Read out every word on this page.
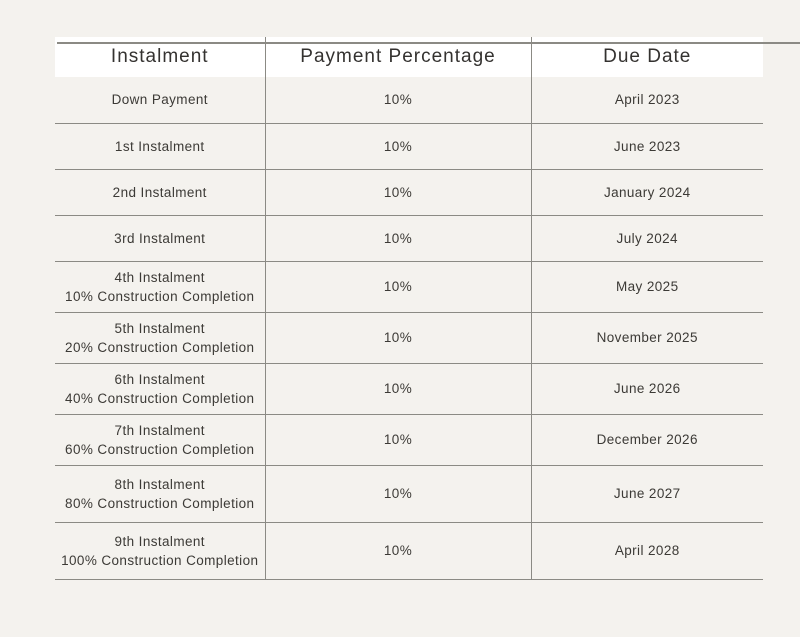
Instalment	Payment Percentage	Due Date

Down Payment	10%	April 2023

1st Instalment	10%	June 2023

2nd Instalment	10%	January 2024

3rd Instalment	10%	July 2024

4th Instalment
10% Construction Completion	10%	May 2025

5th Instalment
20% Construction Completion	10%	November 2025

6th Instalment
40% Construction Completion	10%	June 2026

7th Instalment
60% Construction Completion	10%	December 2026

8th Instalment
80% Construction Completion	10%	June 2027

9th Instalment
100% Construction Completion	10%	April 2028
